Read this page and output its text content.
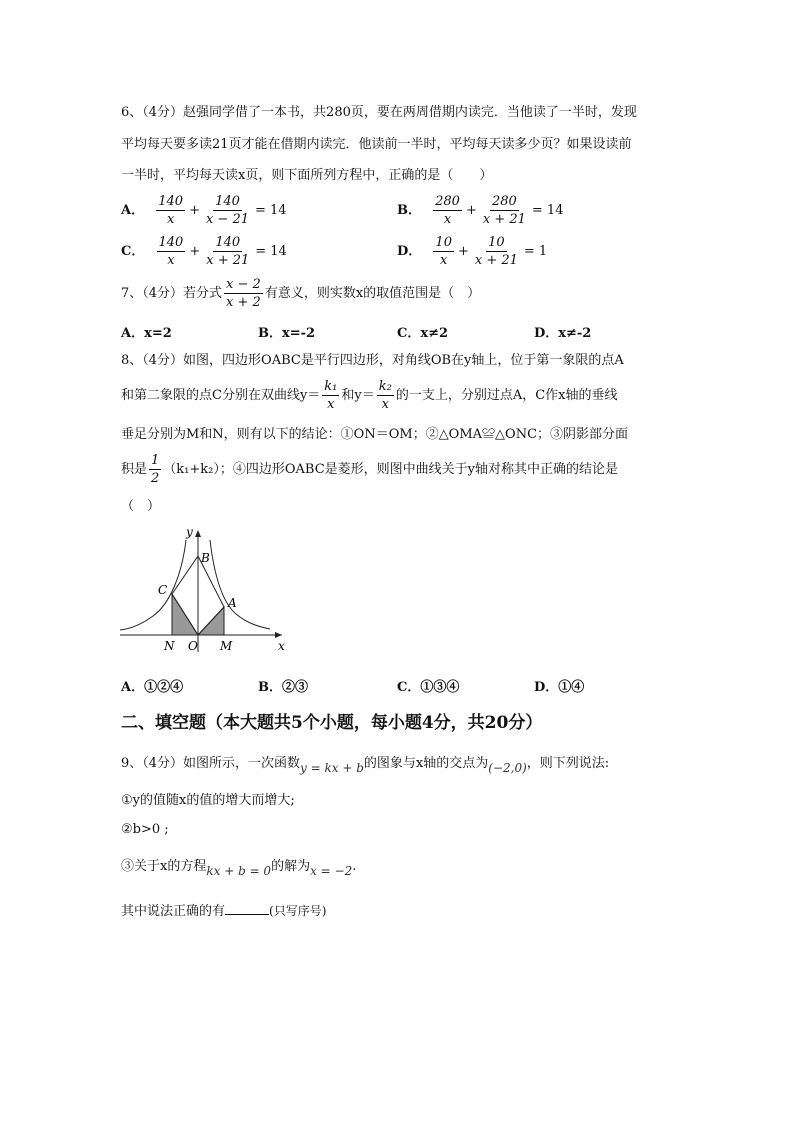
6、（4分）赵强同学借了一本书，共280页，要在两周借期内读完．当他读了一半时，发现
平均每天要多读21页才能在借期内读完．他读前一半时，平均每天读多少页？如果设读前
一半时，平均每天读x页，则下面所列方程中，正确的是（　　）
A． $\frac{140}{x} + \frac{140}{x - 21} = 14$	B． $\frac{280}{x} + \frac{280}{x + 21} = 14$
C． $\frac{140}{x} + \frac{140}{x + 21} = 14$	D． $\frac{10}{x} + \frac{10}{x + 21} = 1$
7、（4分）若分式 $\frac{x - 2}{x + 2}$ 有意义，则实数x的取值范围是（　）
A．x=2	B．x=-2	C．x≠2	D．x≠-2
8、（4分）如图，四边形OABC是平行四边形，对角线OB在y轴上，位于第一象限的点A
和第二象限的点C分别在双曲线$y= \frac{\text{k₁}}{x}$ 和$y= \frac{\text{k₂}}{x}$ 的一支上，分别过点A，C作x轴的垂线
垂足分别为M和N，则有以下的结论：①ON＝OM；②△OMA≌△ONC；③阴影部分面
积是 $\frac{1}{2} (k_1+k_2)$；④四边形OABC是菱形，则图中曲线关于y轴对称其中正确的结论是
（　）
y
x
B
C
A
N O M
A．①②④	B．②③	C．①③④	D．①④
二、填空题（本大题共5个小题，每小题4分，共20分）
9、（4分）如图所示，一次函数y = kx + b的图象与x轴的交点为(−2,0)，则下列说法:
①y的值随x的值的增大而增大;
②b>0 ;
③关于x的方程kx + b = 0的解为x = −2.
其中说法正确的有	(只写序号)
